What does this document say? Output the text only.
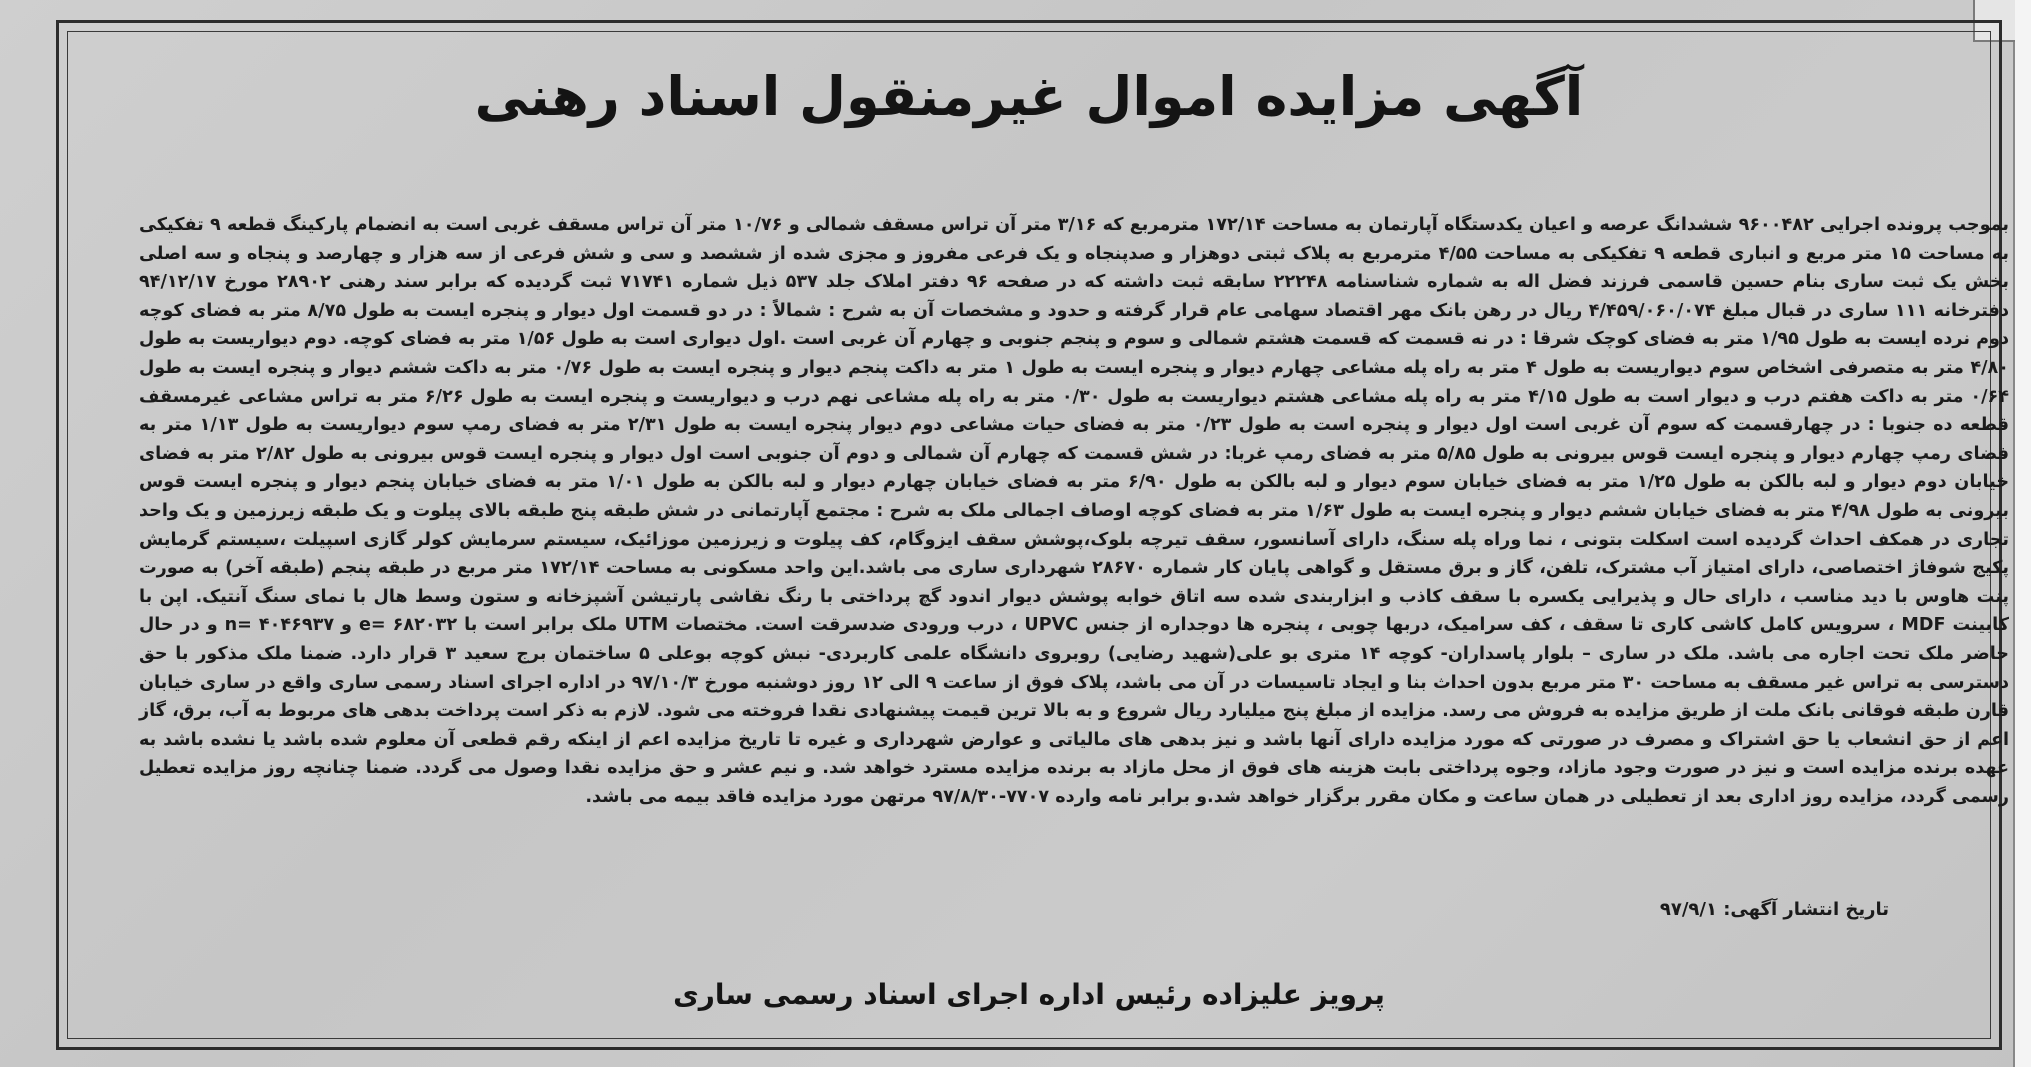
آگهی مزایده اموال غیرمنقول اسناد رهنی

بموجب پرونده اجرایی ۹۶۰۰۴۸۲ ششدانگ عرصه و اعیان یکدستگاه آپارتمان به مساحت ۱۷۲/۱۴ مترمربع که ۳/۱۶ متر آن تراس مسقف شمالی و ۱۰/۷۶ متر آن تراس مسقف غربی است به انضمام پارکینگ قطعه ۹ تفکیکی به مساحت ۱۵ متر مربع و انباری قطعه ۹ تفکیکی به مساحت ۴/۵۵ مترمربع به پلاک ثبتی دوهزار و صدپنجاه و یک فرعی مفروز و مجزی شده از ششصد و سی و شش فرعی از سه هزار و چهارصد و پنجاه و سه اصلی بخش یک ثبت ساری بنام حسین قاسمی فرزند فضل اله به شماره شناسنامه ۲۲۲۴۸ سابقه ثبت داشته که در صفحه ۹۶ دفتر املاک جلد ۵۳۷ ذیل شماره ۷۱۷۴۱ ثبت گردیده که برابر سند رهنی ۲۸۹۰۲ مورخ ۹۴/۱۲/۱۷ دفترخانه ۱۱۱ ساری در قبال مبلغ ۴/۴۵۹/۰۶۰/۰۷۴ ریال در رهن بانک مهر اقتصاد سهامی عام قرار گرفته و حدود و مشخصات آن به شرح : شمالاً : در دو قسمت اول دیوار و پنجره ایست به طول ۸/۷۵ متر به فضای کوچه دوم نرده ایست به طول ۱/۹۵ متر به فضای کوچک شرقا : در نه قسمت که قسمت هشتم شمالی و سوم و پنجم جنوبی و چهارم آن غربی است .اول دیواری است به طول ۱/۵۶ متر به فضای کوچه. دوم دیواریست به طول ۴/۸۰ متر به متصرفی اشخاص سوم دیواریست به طول ۴ متر به راه پله مشاعی چهارم دیوار و پنجره ایست به طول ۱ متر به داکت پنجم دیوار و پنجره ایست به طول ۰/۷۶ متر به داکت ششم دیوار و پنجره ایست به طول ۰/۶۴ متر به داکت هفتم درب و دیوار است به طول ۴/۱۵ متر به راه پله مشاعی هشتم دیواریست به طول ۰/۳۰ متر به راه پله مشاعی نهم درب و دیواریست و پنجره ایست به طول ۶/۲۶ متر به تراس مشاعی غیرمسقف قطعه ده جنوبا : در چهارقسمت که سوم آن غربی است اول دیوار و پنجره است به طول ۰/۲۳ متر به فضای حیات مشاعی دوم دیوار پنجره ایست به طول ۲/۳۱ متر به فضای رمپ سوم دیواریست به طول ۱/۱۳ متر به فضای رمپ چهارم دیوار و پنجره ایست قوس بیرونی به طول ۵/۸۵ متر به فضای رمپ غربا: در شش قسمت که چهارم آن شمالی و دوم آن جنوبی است اول دیوار و پنجره ایست قوس بیرونی به طول ۲/۸۲ متر به فضای خیابان دوم دیوار و لبه بالکن به طول ۱/۲۵ متر به فضای خیابان سوم دیوار و لبه بالکن به طول ۶/۹۰ متر به فضای خیابان چهارم دیوار و لبه بالکن به طول ۱/۰۱ متر به فضای خیابان پنجم دیوار و پنجره ایست قوس بیرونی به طول ۴/۹۸ متر به فضای خیابان ششم دیوار و پنجره ایست به طول ۱/۶۳ متر به فضای کوچه اوصاف اجمالی ملک به شرح : مجتمع آپارتمانی در شش طبقه پنج طبقه بالای پیلوت و یک طبقه زیرزمین و یک واحد تجاری در همکف احداث گردیده است اسکلت بتونی ، نما وراه پله سنگ، دارای آسانسور، سقف تیرچه بلوک،پوشش سقف ایزوگام، کف پیلوت و زیرزمین موزائیک، سیستم سرمایش کولر گازی اسپیلت ،سیستم گرمایش پکیج شوفاژ اختصاصی، دارای امتیاز آب مشترک، تلفن، گاز و برق مستقل و گواهی پایان کار شماره ۲۸۶۷۰ شهرداری ساری می باشد.این واحد مسکونی به مساحت ۱۷۲/۱۴ متر مربع در طبقه پنجم (طبقه آخر) به صورت پنت هاوس با دید مناسب ، دارای حال و پذیرایی یکسره با سقف کاذب و ابزاربندی شده سه اتاق خوابه پوشش دیوار اندود گچ پرداختی با رنگ نقاشی پارتیشن آشپزخانه و ستون وسط هال با نمای سنگ آنتیک. اپن با کابینت MDF ، سرویس کامل کاشی کاری تا سقف ، کف سرامیک، دربها چوبی ، پنجره ها دوجداره از جنس UPVC ، درب ورودی ضدسرقت است. مختصات UTM ملک برابر است با ۶۸۲۰۳۲ =e و ۴۰۴۶۹۳۷ =n و در حال حاضر ملک تحت اجاره می باشد. ملک در ساری – بلوار پاسداران- کوچه ۱۴ متری بو علی(شهید رضایی) روبروی دانشگاه علمی کاربردی- نبش کوچه بوعلی ۵ ساختمان برج سعید ۳ قرار دارد. ضمنا ملک مذکور با حق دسترسی به تراس غیر مسقف به مساحت ۳۰ متر مربع بدون احداث بنا و ایجاد تاسیسات در آن می باشد، پلاک فوق از ساعت ۹ الی ۱۲ روز دوشنبه مورخ ۹۷/۱۰/۳ در اداره اجرای اسناد رسمی ساری واقع در ساری خیابان قارن طبقه فوقانی بانک ملت از طریق مزایده به فروش می رسد. مزایده از مبلغ پنج میلیارد ریال شروع و به بالا ترین قیمت پیشنهادی نقدا فروخته می شود. لازم به ذکر است پرداخت بدهی های مربوط به آب، برق، گاز اعم از حق انشعاب یا حق اشتراک و مصرف در صورتی که مورد مزایده دارای آنها باشد و نیز بدهی های مالیاتی و عوارض شهرداری و غیره تا تاریخ مزایده اعم از اینکه رقم قطعی آن معلوم شده باشد یا نشده باشد به عهده برنده مزایده است و نیز در صورت وجود مازاد، وجوه پرداختی بابت هزینه های فوق از محل مازاد به برنده مزایده مسترد خواهد شد. و نیم عشر و حق مزایده نقدا وصول می گردد. ضمنا چنانچه روز مزایده تعطیل رسمی گردد، مزایده روز اداری بعد از تعطیلی در همان ساعت و مکان مقرر برگزار خواهد شد.و برابر نامه وارده ۷۷۰۷-۹۷/۸/۳۰ مرتهن مورد مزایده فاقد بیمه می باشد.

تاریخ انتشار آگهی: ۹۷/۹/۱
پرویز علیزاده رئیس اداره اجرای اسناد رسمی ساری
